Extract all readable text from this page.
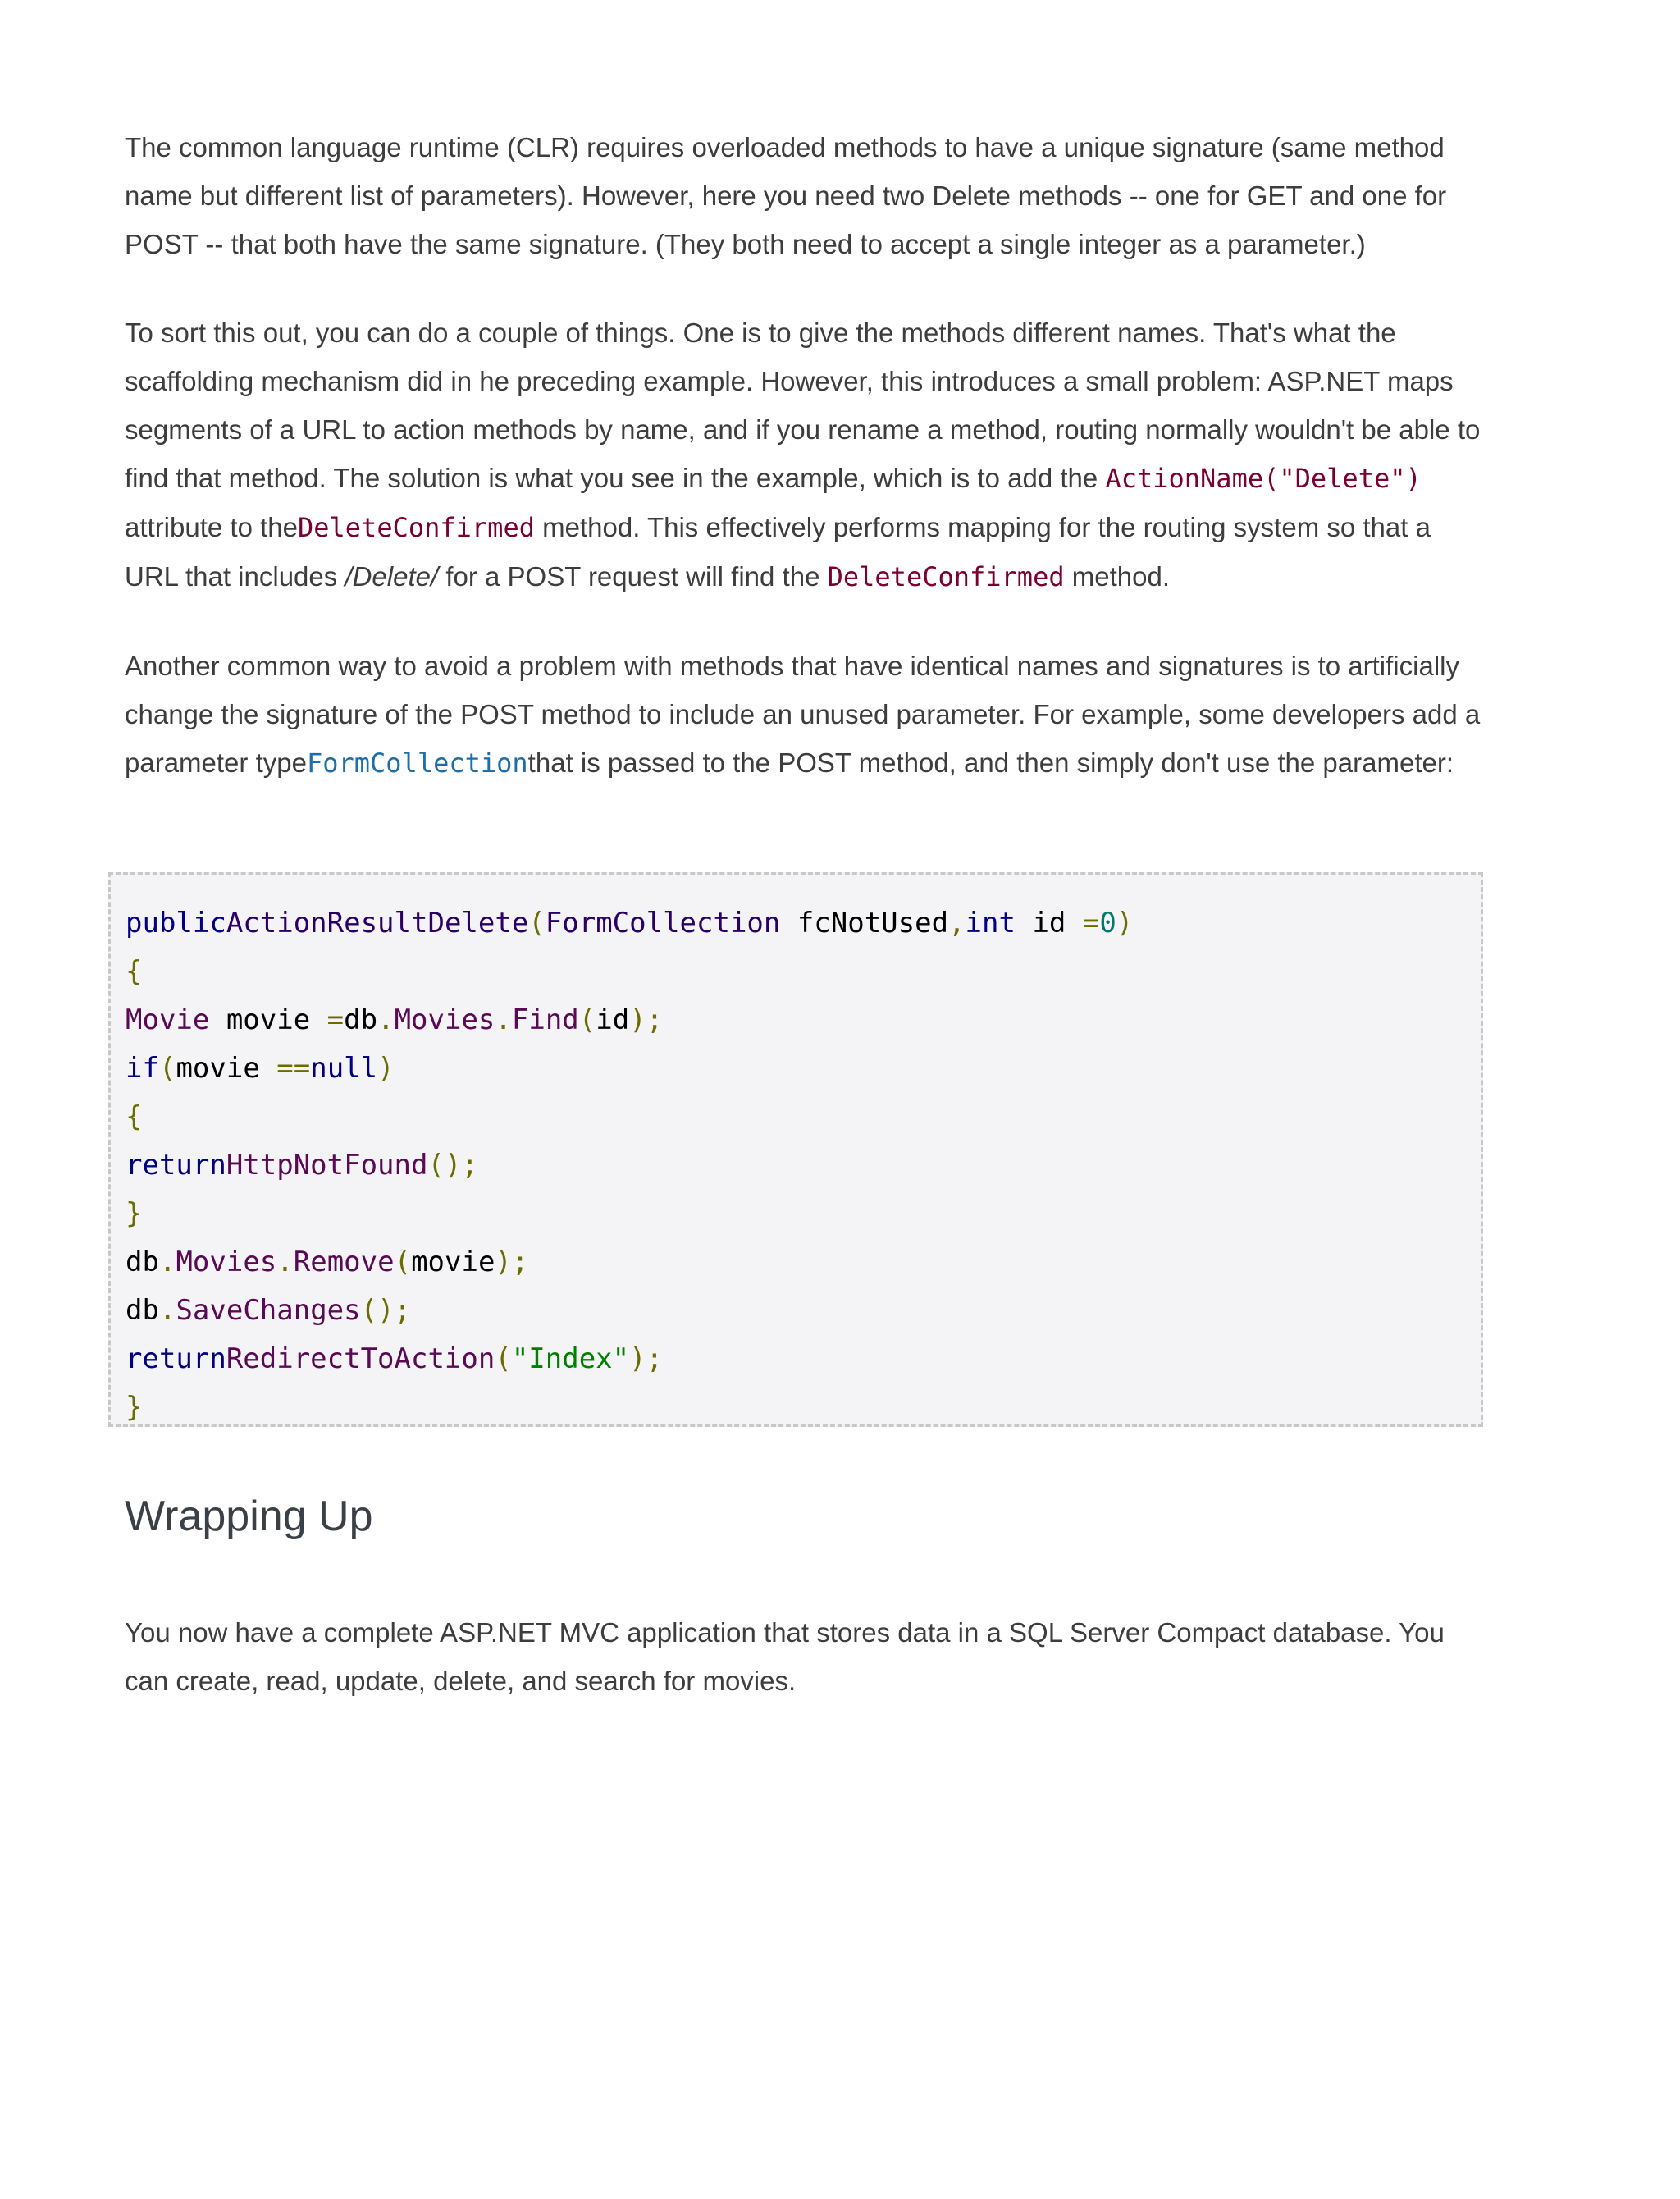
The common language runtime (CLR) requires overloaded methods to have a unique signature (same method name but different list of parameters). However, here you need two Delete methods -- one for GET and one for POST -- that both have the same signature. (They both need to accept a single integer as a parameter.)

To sort this out, you can do a couple of things. One is to give the methods different names. That's what the scaffolding mechanism did in he preceding example. However, this introduces a small problem: ASP.NET maps segments of a URL to action methods by name, and if you rename a method, routing normally wouldn't be able to find that method. The solution is what you see in the example, which is to add the ActionName("Delete") attribute to theDeleteConfirmed method. This effectively performs mapping for the routing system so that a URL that includes /Delete/ for a POST request will find the DeleteConfirmed method.

Another common way to avoid a problem with methods that have identical names and signatures is to artificially change the signature of the POST method to include an unused parameter. For example, some developers add a parameter typeFormCollectionthat is passed to the POST method, and then simply don't use the parameter:

publicActionResultDelete(FormCollection fcNotUsed,int id =0)
{
Movie movie =db.Movies.Find(id);
if(movie ==null)
{
returnHttpNotFound();
}
db.Movies.Remove(movie);
db.SaveChanges();
returnRedirectToAction("Index");
}
Wrapping Up

You now have a complete ASP.NET MVC application that stores data in a SQL Server Compact database. You can create, read, update, delete, and search for movies.
